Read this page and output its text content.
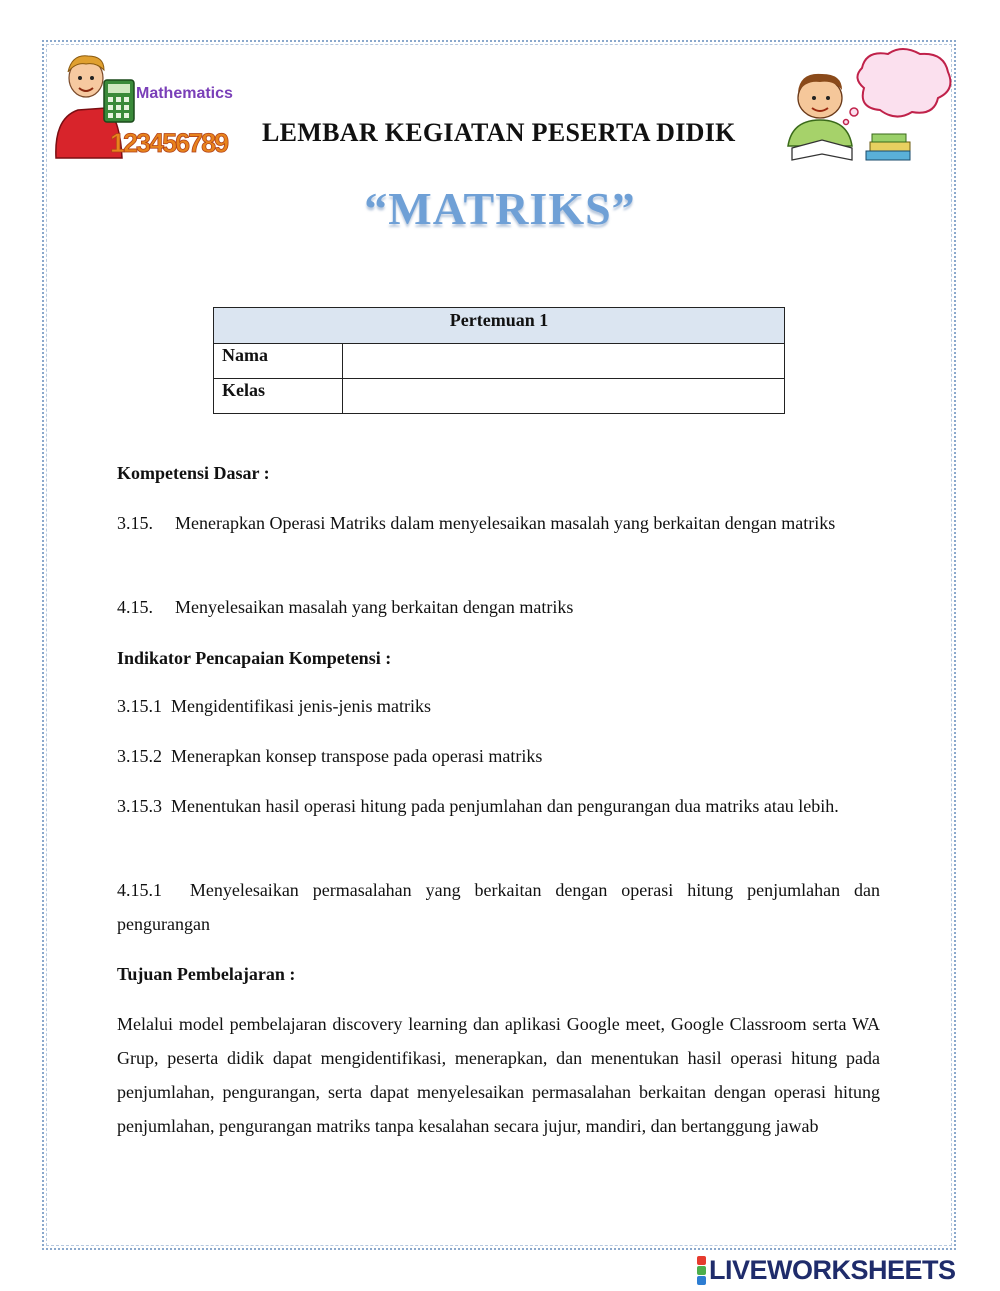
Mathematics
123456789 LEMBAR KEGIATAN PESERTA DIDIK
“MATRIKS”
Pertemuan 1	
Nama	
Kelas	
Kompetensi Dasar :
3.15. Menerapkan Operasi Matriks dalam menyelesaikan masalah yang berkaitan dengan matriks
4.15. Menyelesaikan masalah yang berkaitan dengan matriks
Indikator Pencapaian Kompetensi :
3.15.1  Mengidentifikasi jenis-jenis matriks
3.15.2  Menerapkan konsep transpose pada operasi matriks
3.15.3  Menentukan hasil operasi hitung pada penjumlahan dan pengurangan dua matriks atau lebih.
4.15.1  Menyelesaikan permasalahan yang berkaitan dengan operasi hitung penjumlahan dan pengurangan
Tujuan Pembelajaran :
Melalui model pembelajaran discovery learning dan aplikasi Google meet, Google Classroom serta WA Grup, peserta didik dapat mengidentifikasi, menerapkan, dan menentukan hasil operasi hitung pada penjumlahan, pengurangan, serta dapat menyelesaikan permasalahan berkaitan dengan operasi hitung penjumlahan, pengurangan matriks tanpa kesalahan secara jujur, mandiri, dan bertanggung jawab
LIVEWORKSHEETS
